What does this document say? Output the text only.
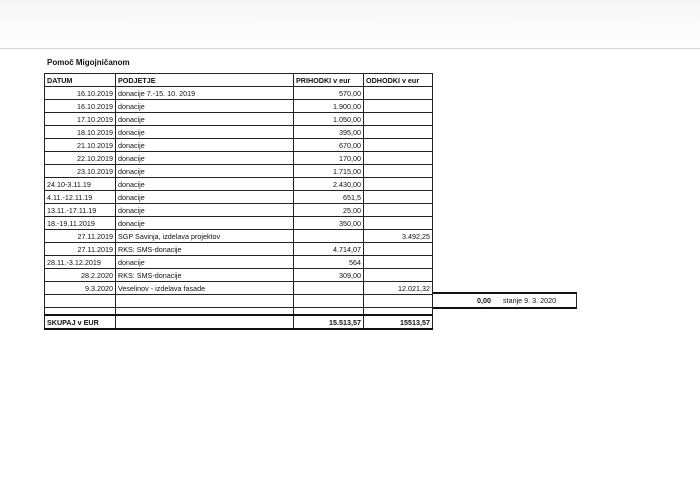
Pomoč Migojničanom
DATUM	PODJETJE	PRIHODKI v eur	ODHODKI v eur
16.10.2019	donacije 7.-15. 10. 2019	570,00	
16.10.2019	donacije	1.900,00	
17.10.2019	donacije	1.050,00	
18.10.2019	donacije	395,00	
21.10.2019	donacije	670,00	
22.10.2019	donacije	170,00	
23.10.2019	donacije	1.715,00	
24.10-3.11.19	donacije	2.430,00	
4.11.-12.11.19	donacije	651,5	
13.11.-17.11.19	donacije	25,00	
18.-19.11.2019	donacije	350,00	
27.11.2019	SGP Savinja, izdelava projektov		3.492,25
27.11.2019	RKS: SMS-donacije	4.714,07	
28.11.-3.12.2019	donacije	564	
28.2.2020	RKS: SMS-donacije	309,00	
9.3.2020	Veselinov - izdelava fasade		12.021,32

SKUPAJ v EUR		15.513,57	15513,57
0,00 stanje 9. 3. 2020
